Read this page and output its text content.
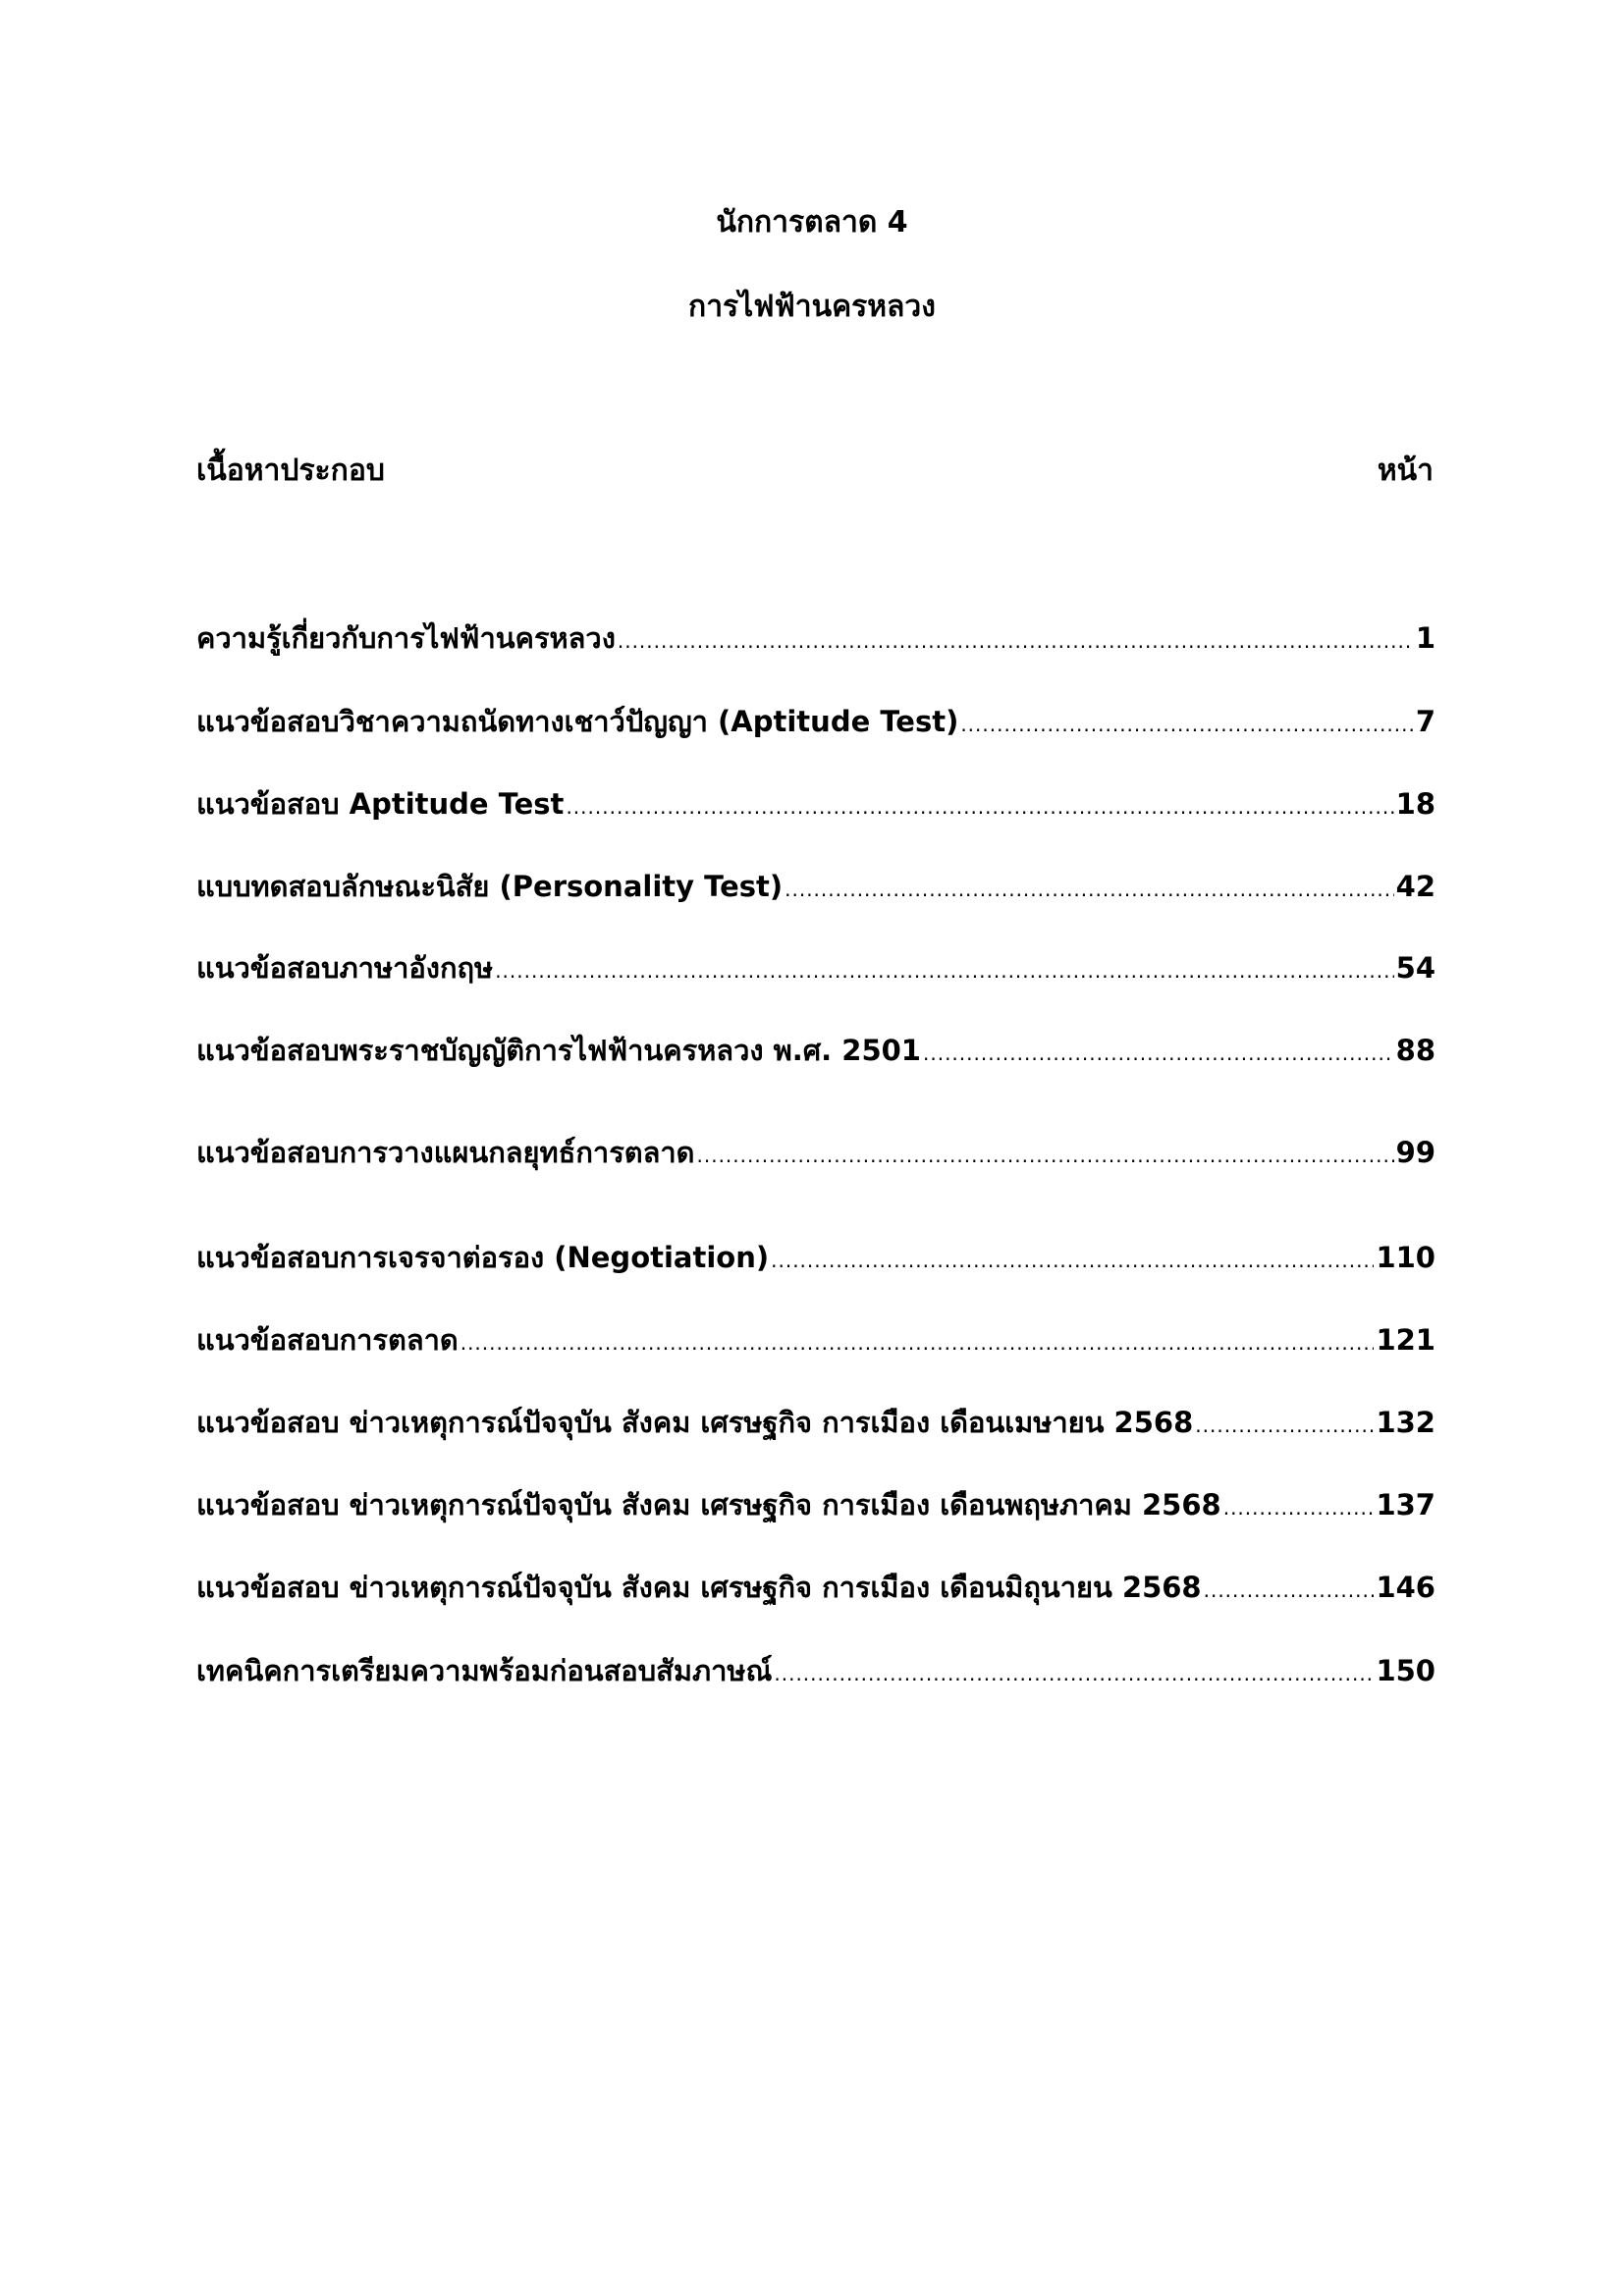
นักการตลาด 4
การไฟฟ้านครหลวง
เนื้อหาประกอบ	หน้า
ความรู้เกี่ยวกับการไฟฟ้านครหลวง .....	1
แนวข้อสอบวิชาความถนัดทางเชาว์ปัญญา (Aptitude Test) .....	7
แนวข้อสอบ Aptitude Test .....	18
แบบทดสอบลักษณะนิสัย (Personality Test) .....	42
แนวข้อสอบภาษาอังกฤษ .....	54
แนวข้อสอบพระราชบัญญัติการไฟฟ้านครหลวง พ.ศ. 2501 .....	88
แนวข้อสอบการวางแผนกลยุทธ์การตลาด .....	99
แนวข้อสอบการเจรจาต่อรอง (Negotiation) .....	110
แนวข้อสอบการตลาด .....	121
แนวข้อสอบ ข่าวเหตุการณ์ปัจจุบัน สังคม เศรษฐกิจ การเมือง เดือนเมษายน 2568 .....	132
แนวข้อสอบ ข่าวเหตุการณ์ปัจจุบัน สังคม เศรษฐกิจ การเมือง เดือนพฤษภาคม 2568 .....	137
แนวข้อสอบ ข่าวเหตุการณ์ปัจจุบัน สังคม เศรษฐกิจ การเมือง เดือนมิถุนายน 2568 .....	146
เทคนิคการเตรียมความพร้อมก่อนสอบสัมภาษณ์ .....	150
